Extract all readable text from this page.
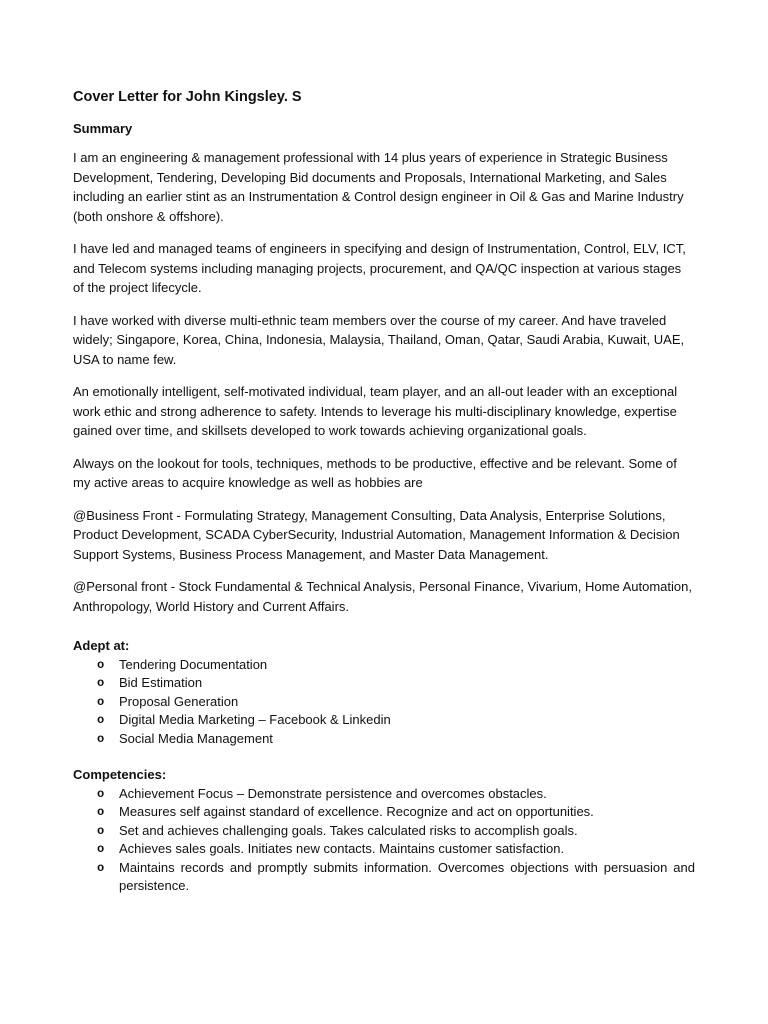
Cover Letter for John Kingsley. S
Summary

I am an engineering & management professional with 14 plus years of experience in Strategic Business Development, Tendering, Developing Bid documents and Proposals, International Marketing, and Sales including an earlier stint as an Instrumentation & Control design engineer in Oil & Gas and Marine Industry (both onshore & offshore).

I have led and managed teams of engineers in specifying and design of Instrumentation, Control, ELV, ICT, and Telecom systems including managing projects, procurement, and QA/QC inspection at various stages of the project lifecycle.

I have worked with diverse multi-ethnic team members over the course of my career. And have traveled widely; Singapore, Korea, China, Indonesia, Malaysia, Thailand, Oman, Qatar, Saudi Arabia, Kuwait, UAE, USA to name few.

An emotionally intelligent, self-motivated individual, team player, and an all-out leader with an exceptional work ethic and strong adherence to safety. Intends to leverage his multi-disciplinary knowledge, expertise gained over time, and skillsets developed to work towards achieving organizational goals.

Always on the lookout for tools, techniques, methods to be productive, effective and be relevant. Some of my active areas to acquire knowledge as well as hobbies are

@Business Front - Formulating Strategy, Management Consulting, Data Analysis, Enterprise Solutions, Product Development, SCADA CyberSecurity, Industrial Automation, Management Information & Decision Support Systems, Business Process Management, and Master Data Management.

@Personal front - Stock Fundamental & Technical Analysis, Personal Finance, Vivarium, Home Automation, Anthropology, World History and Current Affairs.

Adept at:
o Tendering Documentation
o Bid Estimation
o Proposal Generation
o Digital Media Marketing – Facebook & Linkedin
o Social Media Management
Competencies:
o Achievement Focus – Demonstrate persistence and overcomes obstacles.
o Measures self against standard of excellence. Recognize and act on opportunities.
o Set and achieves challenging goals. Takes calculated risks to accomplish goals.
o Achieves sales goals. Initiates new contacts. Maintains customer satisfaction.
o Maintains records and promptly submits information. Overcomes objections with persuasion and persistence.
